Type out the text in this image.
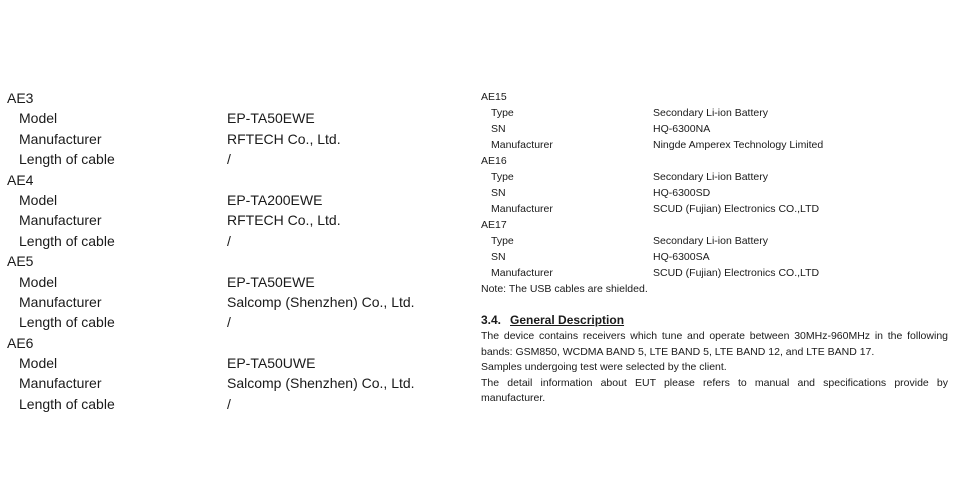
AE3
Model	EP-TA50EWE
Manufacturer	RFTECH Co., Ltd.
Length of cable	/
AE4
Model	EP-TA200EWE
Manufacturer	RFTECH Co., Ltd.
Length of cable	/
AE5
Model	EP-TA50EWE
Manufacturer	Salcomp (Shenzhen) Co., Ltd.
Length of cable	/
AE6
Model	EP-TA50UWE
Manufacturer	Salcomp (Shenzhen) Co., Ltd.
Length of cable	/
AE15
Type	Secondary Li-ion Battery
SN	HQ-6300NA
Manufacturer	Ningde Amperex Technology Limited
AE16
Type	Secondary Li-ion Battery
SN	HQ-6300SD
Manufacturer	SCUD (Fujian) Electronics CO.,LTD
AE17
Type	Secondary Li-ion Battery
SN	HQ-6300SA
Manufacturer	SCUD (Fujian) Electronics CO.,LTD
Note: The USB cables are shielded.
3.4. General Description

The device contains receivers which tune and operate between 30MHz-960MHz in the following bands: GSM850, WCDMA BAND 5, LTE BAND 5, LTE BAND 12, and LTE BAND 17.

Samples undergoing test were selected by the client.

The detail information about EUT please refers to manual and specifications provide by manufacturer.
